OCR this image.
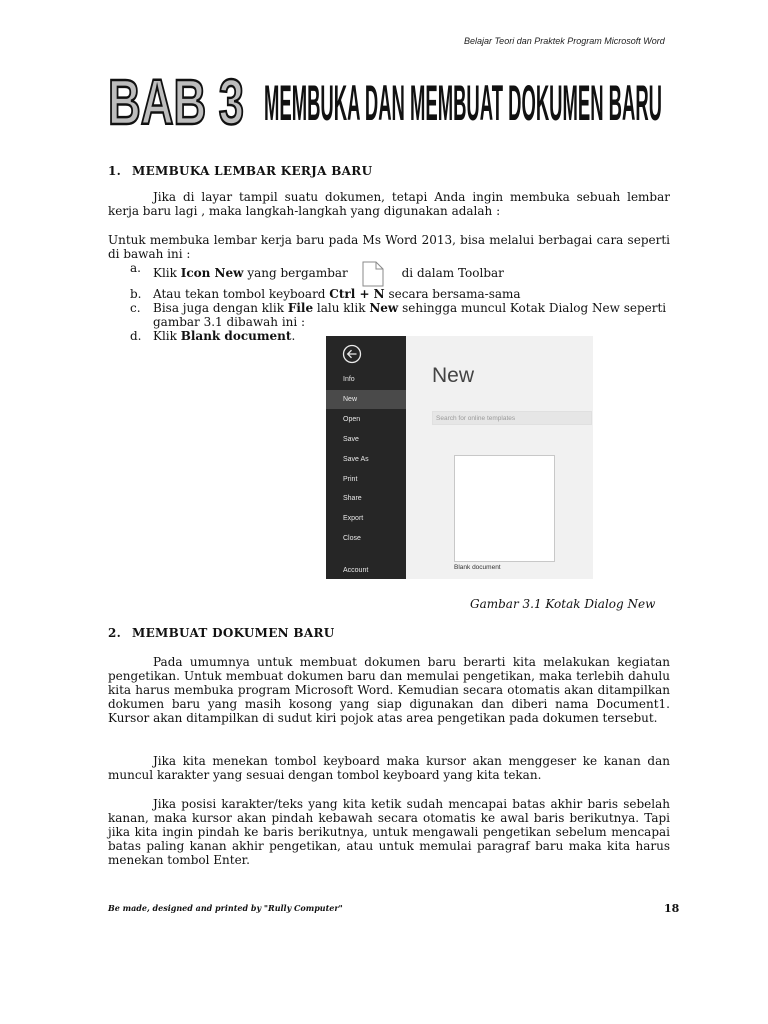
Belajar Teori dan Praktek Program Microsoft Word
BAB 3 MEMBUKA DAN MEMBUAT DOKUMEN BARU
1. MEMBUKA LEMBAR KERJA BARU
Jika di layar tampil suatu dokumen, tetapi Anda ingin membuka sebuah lembar kerja baru lagi , maka langkah-langkah yang digunakan adalah :
Untuk membuka lembar kerja baru pada Ms Word 2013, bisa melalui berbagai cara seperti di bawah ini :
a. Klik Icon New yang bergambar	di dalam Toolbar
b. Atau tekan tombol keyboard Ctrl + N secara bersama-sama
c. Bisa juga dengan klik File lalu klik New sehingga muncul Kotak Dialog New seperti gambar 3.1 dibawah ini :
d. Klik Blank document.
Info
New
Open
Save
Save As
Print
Share
Export
Close
Account
New
Search for online templates
Blank document
Gambar 3.1 Kotak Dialog New
2. MEMBUAT DOKUMEN BARU
Pada umumnya untuk membuat dokumen baru berarti kita melakukan kegiatan pengetikan. Untuk membuat dokumen baru dan memulai pengetikan, maka terlebih dahulu kita harus membuka program Microsoft Word. Kemudian secara otomatis akan ditampilkan dokumen baru yang masih kosong yang siap digunakan dan diberi nama Document1. Kursor akan ditampilkan di sudut kiri pojok atas area pengetikan pada dokumen tersebut.
Jika kita menekan tombol keyboard maka kursor akan menggeser ke kanan dan muncul karakter yang sesuai dengan tombol keyboard yang kita tekan.
Jika posisi karakter/teks yang kita ketik sudah mencapai batas akhir baris sebelah kanan, maka kursor akan pindah kebawah secara otomatis ke awal baris berikutnya. Tapi jika kita ingin pindah ke baris berikutnya, untuk mengawali pengetikan sebelum mencapai batas paling kanan akhir pengetikan, atau untuk memulai paragraf baru maka kita harus menekan tombol Enter.
Be made, designed and printed by "Rully Computer"	18
